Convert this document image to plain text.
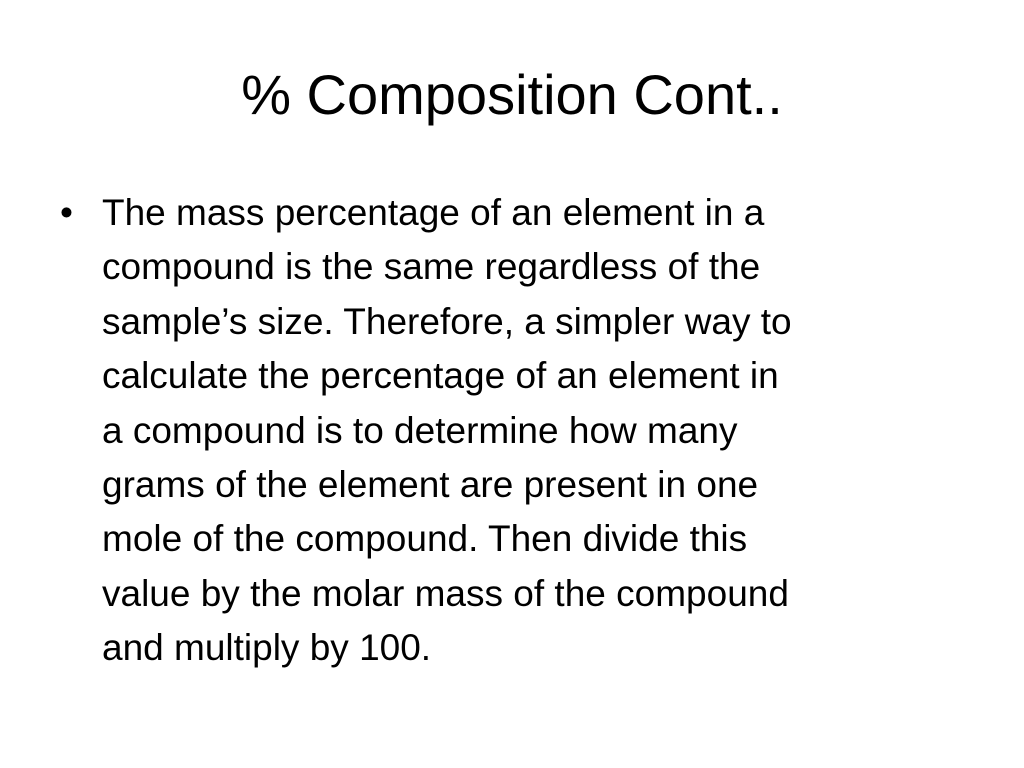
% Composition Cont..
• The mass percentage of an element in a
compound is the same regardless of the
sample’s size. Therefore, a simpler way to
calculate the percentage of an element in
a compound is to determine how many
grams of the element are present in one
mole of the compound. Then divide this
value by the molar mass of the compound
and multiply by 100.
